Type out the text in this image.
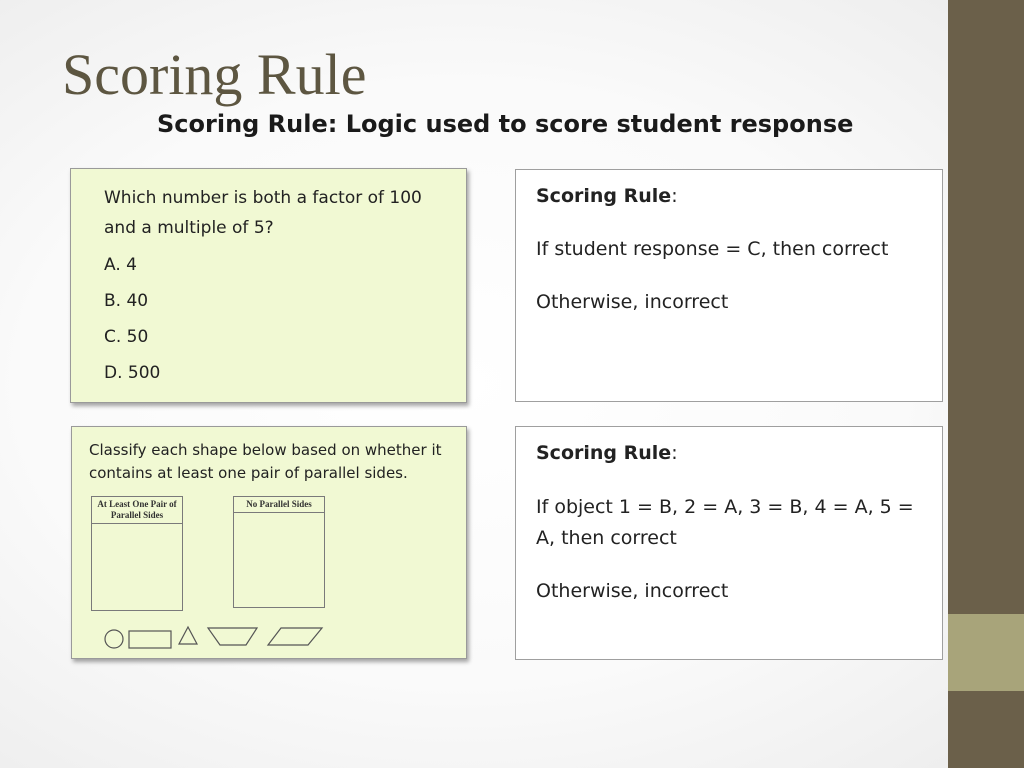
Scoring Rule
Scoring Rule: Logic used to score student response

Which number is both a factor of 100 and a multiple of 5?

A. 4

B. 40

C. 50

D. 500

Scoring Rule:

If student response = C, then correct

Otherwise, incorrect

Classify each shape below based on whether it contains at least one pair of parallel sides.

At Least One Pair of Parallel Sides
No Parallel Sides

Scoring Rule:

If object 1 = B, 2 = A, 3 = B, 4 = A, 5 = A, then correct

Otherwise, incorrect
